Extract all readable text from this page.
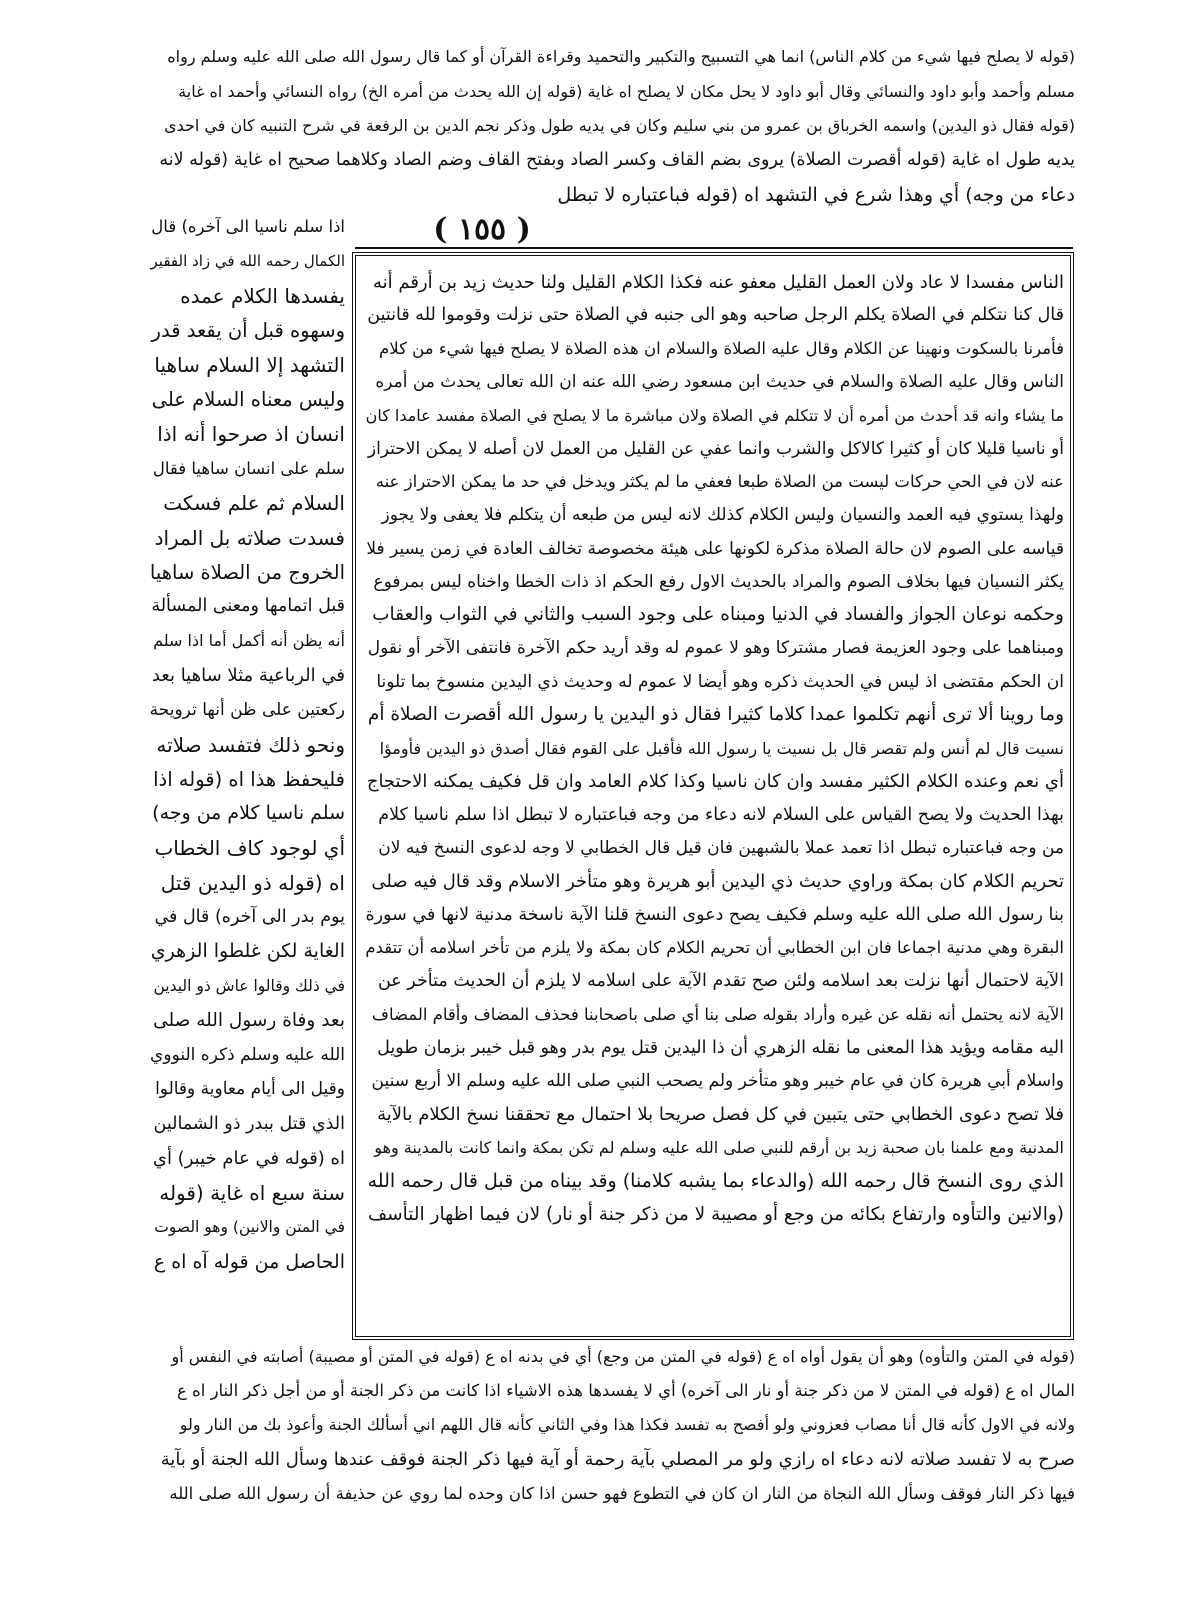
(قوله لا يصلح فيها شيء من كلام الناس) انما هي التسبيح والتكبير والتحميد وقراءة القرآن أو كما قال رسول الله صلى الله عليه وسلم رواه
مسلم وأحمد وأبو داود والنسائي وقال أبو داود لا يحل مكان لا يصلح اه غاية (قوله إن الله يحدث من أمره الخ) رواه النسائي وأحمد اه غاية
(قوله فقال ذو اليدين) واسمه الخرباق بن عمرو من بني سليم وكان في يديه طول وذكر نجم الدين بن الرفعة في شرح التنبيه كان في احدى
يديه طول اه غاية (قوله أقصرت الصلاة) يروى بضم القاف وكسر الصاد وبفتح القاف وضم الصاد وكلاهما صحيح اه غاية (قوله لانه
دعاء من وجه) أي وهذا شرع في التشهد اه (قوله فباعتباره لا تبطل
( ١٥٥ )
الناس مفسدا لا عاد ولان العمل القليل معفو عنه فكذا الكلام القليل ولنا حديث زيد بن أرقم أنه
قال كنا نتكلم في الصلاة يكلم الرجل صاحبه وهو الى جنبه في الصلاة حتى نزلت وقوموا لله قانتين
فأمرنا بالسكوت ونهينا عن الكلام وقال عليه الصلاة والسلام ان هذه الصلاة لا يصلح فيها شيء من كلام
الناس وقال عليه الصلاة والسلام في حديث ابن مسعود رضي الله عنه ان الله تعالى يحدث من أمره
ما يشاء وانه قد أحدث من أمره أن لا تتكلم في الصلاة ولان مباشرة ما لا يصلح في الصلاة مفسد عامدا كان
أو ناسيا قليلا كان أو كثيرا كالاكل والشرب وانما عفي عن القليل من العمل لان أصله لا يمكن الاحتراز
عنه لان في الحي حركات ليست من الصلاة طبعا فعفي ما لم يكثر ويدخل في حد ما يمكن الاحتراز عنه
ولهذا يستوي فيه العمد والنسيان وليس الكلام كذلك لانه ليس من طبعه أن يتكلم فلا يعفى ولا يجوز
قياسه على الصوم لان حالة الصلاة مذكرة لكونها على هيئة مخصوصة تخالف العادة في زمن يسير فلا
يكثر النسيان فيها بخلاف الصوم والمراد بالحديث الاول رفع الحكم اذ ذات الخطا واخناه ليس بمرفوع
وحكمه نوعان الجواز والفساد في الدنيا ومبناه على وجود السبب والثاني في الثواب والعقاب
ومبناهما على وجود العزيمة فصار مشتركا وهو لا عموم له وقد أريد حكم الآخرة فانتفى الآخر أو نقول
ان الحكم مقتضى اذ ليس في الحديث ذكره وهو أيضا لا عموم له وحديث ذي اليدين منسوخ بما تلونا
وما روينا ألا ترى أنهم تكلموا عمدا كلاما كثيرا فقال ذو اليدين يا رسول الله أقصرت الصلاة أم
نسيت قال لم أنس ولم تقصر قال بل نسيت يا رسول الله فأقبل على القوم فقال أصدق ذو اليدين فأومؤا
أي نعم وعنده الكلام الكثير مفسد وان كان ناسيا وكذا كلام العامد وان قل فكيف يمكنه الاحتجاج
بهذا الحديث ولا يصح القياس على السلام لانه دعاء من وجه فباعتباره لا تبطل اذا سلم ناسيا كلام
من وجه فباعتباره تبطل اذا تعمد عملا بالشبهين فان قيل قال الخطابي لا وجه لدعوى النسخ فيه لان
تحريم الكلام كان بمكة وراوي حديث ذي اليدين أبو هريرة وهو متأخر الاسلام وقد قال فيه صلى
بنا رسول الله صلى الله عليه وسلم فكيف يصح دعوى النسخ قلنا الآية ناسخة مدنية لانها في سورة
البقرة وهي مدنية اجماعا فان ابن الخطابي أن تحريم الكلام كان بمكة ولا يلزم من تأخر اسلامه أن تتقدم
الآية لاحتمال أنها نزلت بعد اسلامه ولئن صح تقدم الآية على اسلامه لا يلزم أن الحديث متأخر عن
الآية لانه يحتمل أنه نقله عن غيره وأراد بقوله صلى بنا أي صلى باصحابنا فحذف المضاف وأقام المضاف
اليه مقامه ويؤيد هذا المعنى ما نقله الزهري أن ذا اليدين قتل يوم بدر وهو قبل خيبر بزمان طويل
واسلام أبي هريرة كان في عام خيبر وهو متأخر ولم يصحب النبي صلى الله عليه وسلم الا أربع سنين
فلا تصح دعوى الخطابي حتى يتبين في كل فصل صريحا بلا احتمال مع تحققنا نسخ الكلام بالآية
المدنية ومع علمنا بان صحبة زيد بن أرقم للنبي صلى الله عليه وسلم لم تكن بمكة وانما كانت بالمدينة وهو
الذي روى النسخ قال رحمه الله (والدعاء بما يشبه كلامنا) وقد بيناه من قبل قال رحمه الله
(والانين والتأوه وارتفاع بكائه من وجع أو مصيبة لا من ذكر جنة أو نار) لان فيما اظهار التأسف
اذا سلم ناسيا الى آخره) قال
الكمال رحمه الله في زاد الفقير
يفسدها الكلام عمده
وسهوه قبل أن يقعد قدر
التشهد إلا السلام ساهيا
وليس معناه السلام على
انسان اذ صرحوا أنه اذا
سلم على انسان ساهيا فقال
السلام ثم علم فسكت
فسدت صلاته بل المراد
الخروج من الصلاة ساهيا
قبل اتمامها ومعنى المسألة
أنه يظن أنه أكمل أما اذا سلم
في الرباعية مثلا ساهيا بعد
ركعتين على ظن أنها ترويحة
ونحو ذلك فتفسد صلاته
فليحفظ هذا اه (قوله اذا
سلم ناسيا كلام من وجه)
أي لوجود كاف الخطاب
اه (قوله ذو اليدين قتل
يوم بدر الى آخره) قال في
الغاية لكن غلطوا الزهري
في ذلك وقالوا عاش ذو اليدين
بعد وفاة رسول الله صلى
الله عليه وسلم ذكره النووي
وقيل الى أيام معاوية وقالوا
الذي قتل ببدر ذو الشمالين
اه (قوله في عام خيبر) أي
سنة سبع اه غاية (قوله
في المتن والانين) وهو الصوت
الحاصل من قوله آه اه ع
(قوله في المتن والتأوه) وهو أن يقول أواه اه ع (قوله في المتن من وجع) أي في بدنه اه ع (قوله في المتن أو مصيبة) أصابته في النفس أو
المال اه ع (قوله في المتن لا من ذكر جنة أو نار الى آخره) أي لا يفسدها هذه الاشياء اذا كانت من ذكر الجنة أو من أجل ذكر النار اه ع
ولانه في الاول كأنه قال أنا مصاب فعزوني ولو أفصح به تفسد فكذا هذا وفي الثاني كأنه قال اللهم اني أسألك الجنة وأعوذ بك من النار ولو
صرح به لا تفسد صلاته لانه دعاء اه رازي ولو مر المصلي بآية رحمة أو آية فيها ذكر الجنة فوقف عندها وسأل الله الجنة أو بآية
فيها ذكر النار فوقف وسأل الله النجاة من النار ان كان في التطوع فهو حسن اذا كان وحده لما روي عن حذيفة أن رسول الله صلى الله
